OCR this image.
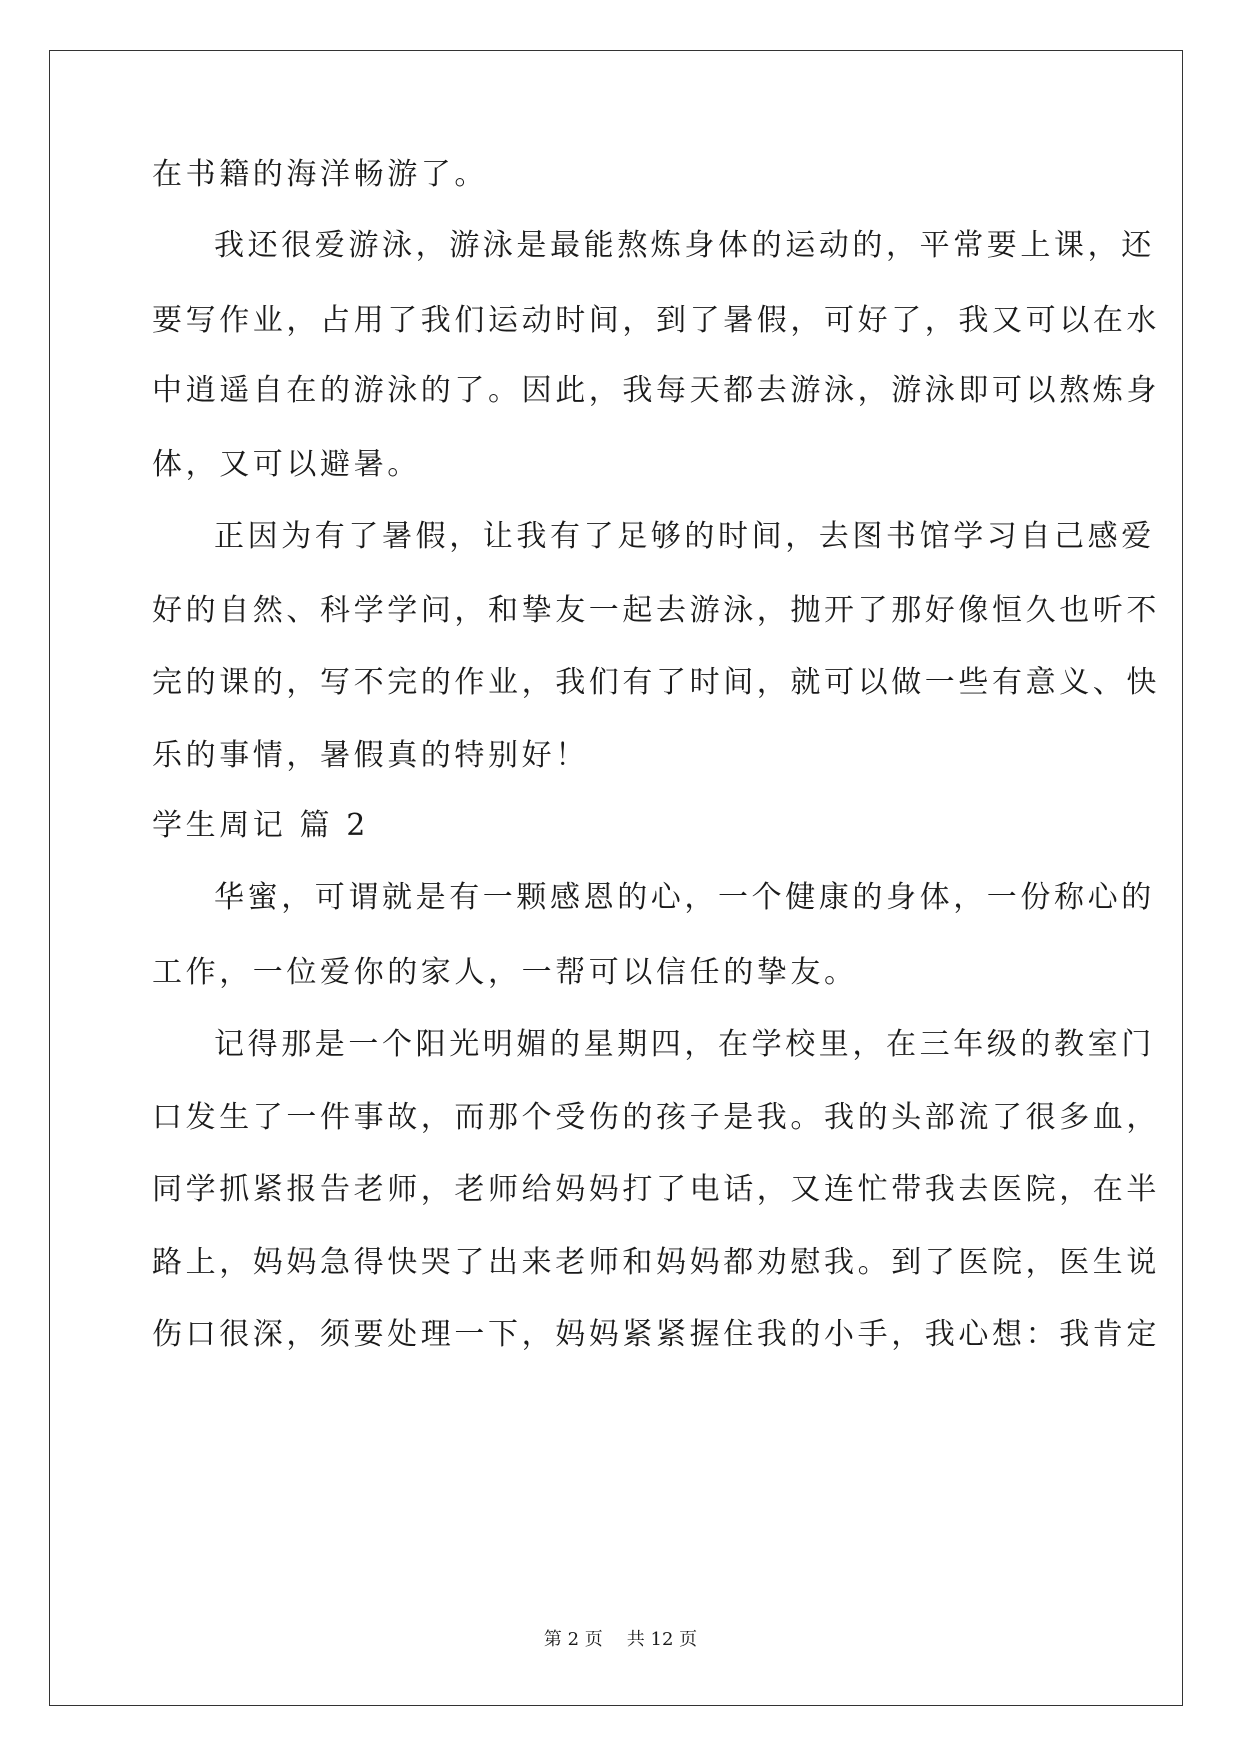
在书籍的海洋畅游了。
我还很爱游泳，游泳是最能熬炼身体的运动的，平常要上课，还
要写作业，占用了我们运动时间，到了暑假，可好了，我又可以在水
中逍遥自在的游泳的了。因此，我每天都去游泳，游泳即可以熬炼身
体，又可以避暑。
正因为有了暑假，让我有了足够的时间，去图书馆学习自己感爱
好的自然、科学学问，和挚友一起去游泳，抛开了那好像恒久也听不
完的课的，写不完的作业，我们有了时间，就可以做一些有意义、快
乐的事情，暑假真的特别好！
学生周记 篇 2
华蜜，可谓就是有一颗感恩的心，一个健康的身体，一份称心的
工作，一位爱你的家人，一帮可以信任的挚友。
记得那是一个阳光明媚的星期四，在学校里，在三年级的教室门
口发生了一件事故，而那个受伤的孩子是我。我的头部流了很多血，
同学抓紧报告老师，老师给妈妈打了电话，又连忙带我去医院，在半
路上，妈妈急得快哭了出来老师和妈妈都劝慰我。到了医院，医生说
伤口很深，须要处理一下，妈妈紧紧握住我的小手，我心想：我肯定
第 2 页 共 12 页
